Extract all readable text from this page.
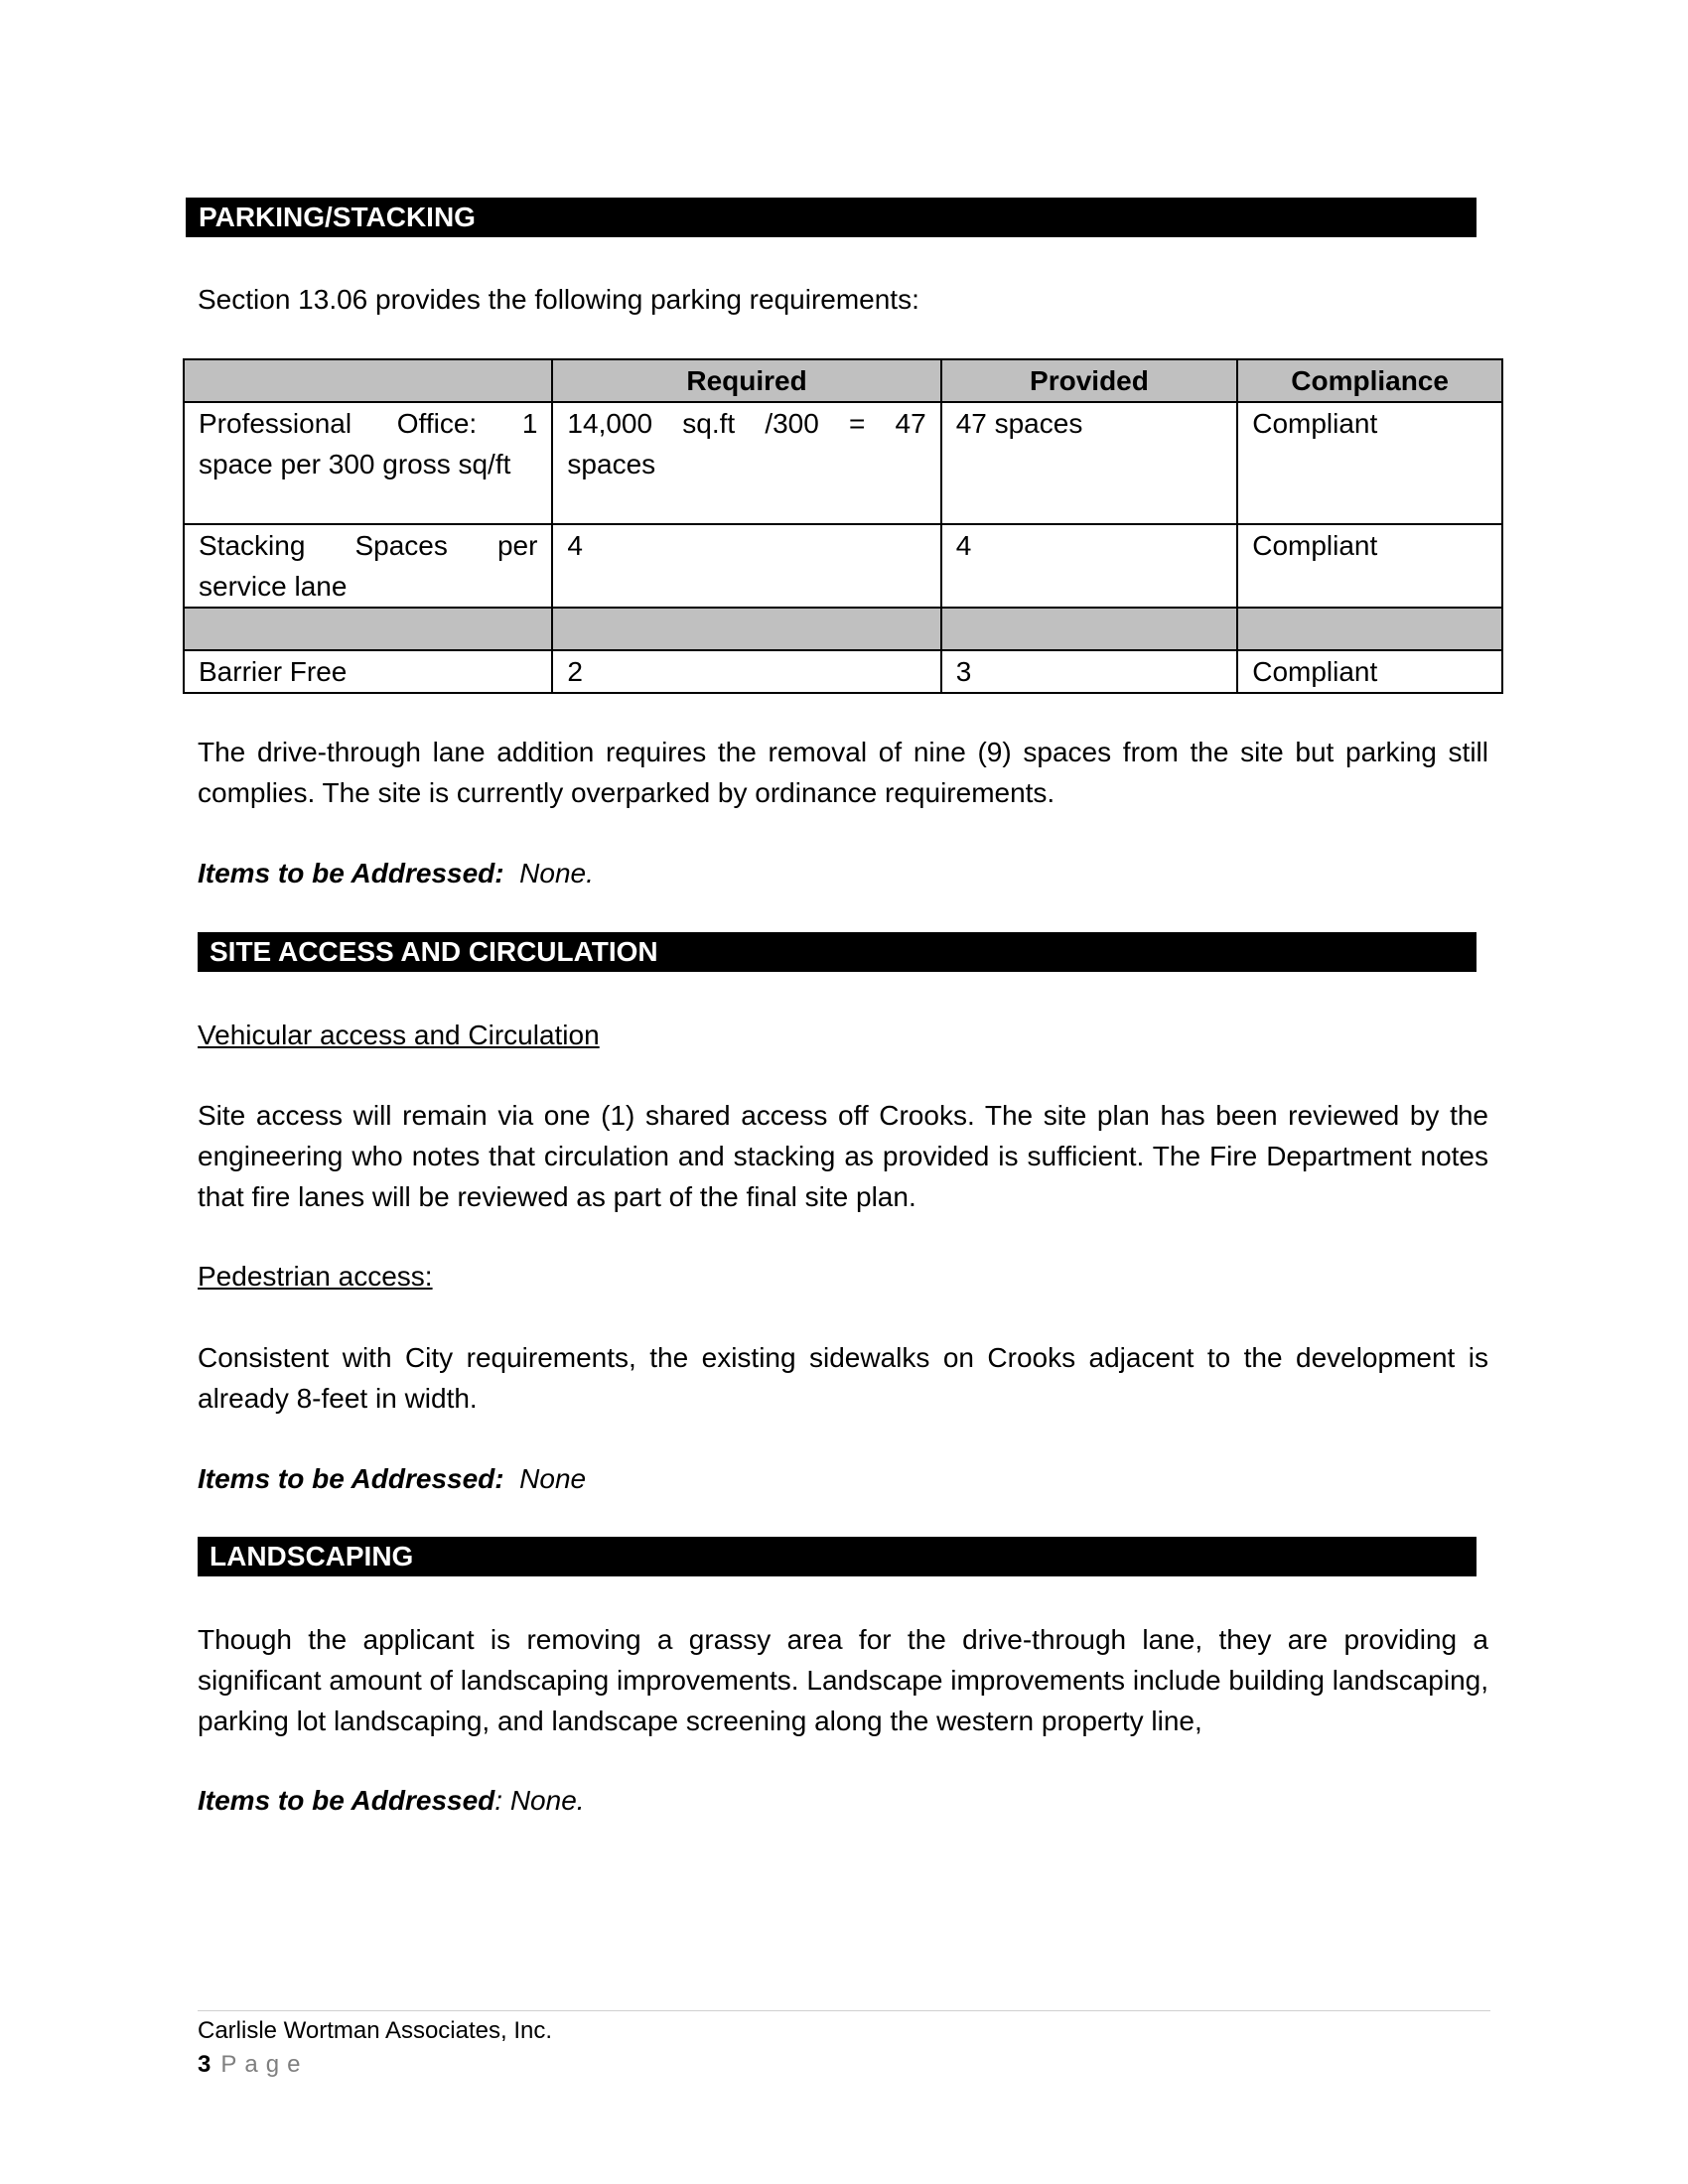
PARKING/STACKING
Section 13.06 provides the following parking requirements:
	Required	Provided	Compliance
Professional Office: 1 space per 300 gross sq/ft	14,000 sq.ft /300 = 47 spaces	47 spaces	Compliant
Stacking Spaces per service lane	4	4	Compliant

Barrier Free	2	3	Compliant
The drive-through lane addition requires the removal of nine (9) spaces from the site but parking still complies. The site is currently overparked by ordinance requirements.
Items to be Addressed: None.
SITE ACCESS AND CIRCULATION
Vehicular access and Circulation
Site access will remain via one (1) shared access off Crooks. The site plan has been reviewed by the engineering who notes that circulation and stacking as provided is sufficient. The Fire Department notes that fire lanes will be reviewed as part of the final site plan.
Pedestrian access:
Consistent with City requirements, the existing sidewalks on Crooks adjacent to the development is already 8-feet in width.
Items to be Addressed: None
LANDSCAPING
Though the applicant is removing a grassy area for the drive-through lane, they are providing a significant amount of landscaping improvements. Landscape improvements include building landscaping, parking lot landscaping, and landscape screening along the western property line,
Items to be Addressed: None.
Carlisle Wortman Associates, Inc.
3 Page
